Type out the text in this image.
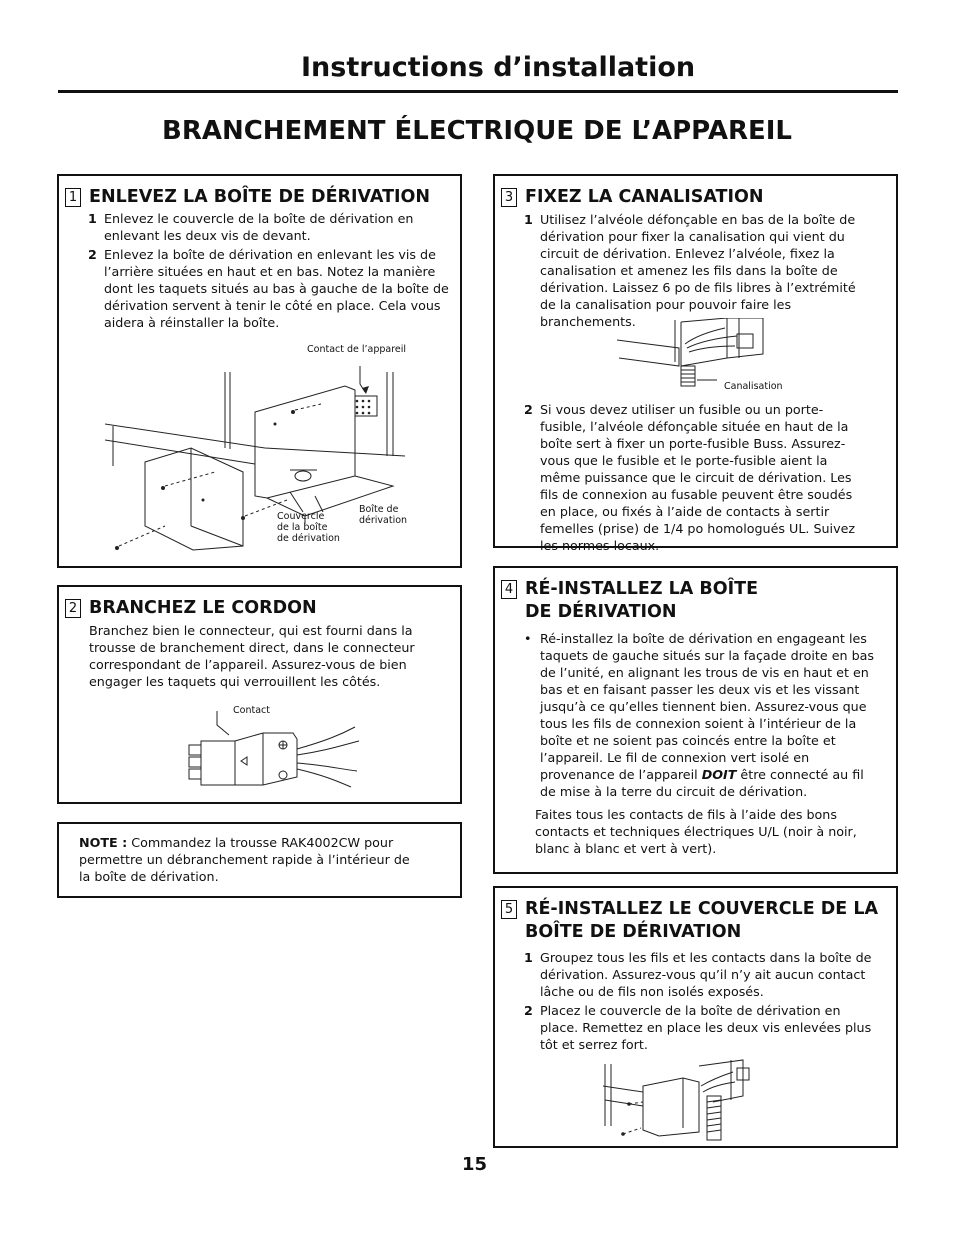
Instructions d’installation
BRANCHEMENT ÉLECTRIQUE DE L’APPAREIL
1 ENLEVEZ LA BOÎTE DE DÉRIVATION
1 Enlevez le couvercle de la boîte de dérivation en enlevant les deux vis de devant.
2 Enlevez la boîte de dérivation en enlevant les vis de l’arrière situées en haut et en bas. Notez la manière dont les taquets situés au bas à gauche de la boîte de dérivation servent à tenir le côté en place. Cela vous aidera à réinstaller la boîte.
Contact de l’appareil
Couvercle
de la boîte
de dérivation
Boîte de
dérivation
2 BRANCHEZ LE CORDON
Branchez bien le connecteur, qui est fourni dans la trousse de branchement direct, dans le connecteur correspondant de l’appareil. Assurez-vous de bien engager les taquets qui verrouillent les côtés.
Contact
NOTE : Commandez la trousse RAK4002CW pour permettre un débranchement rapide à l’intérieur de la boîte de dérivation.
3 FIXEZ LA CANALISATION
1 Utilisez l’alvéole défonçable en bas de la boîte de dérivation pour fixer la canalisation qui vient du circuit de dérivation. Enlevez l’alvéole, fixez la canalisation et amenez les fils dans la boîte de dérivation. Laissez 6 po de fils libres à l’extrémité de la canalisation pour pouvoir faire les branchements.
Canalisation
2 Si vous devez utiliser un fusible ou un porte-fusible, l’alvéole défonçable située en haut de la boîte sert à fixer un porte-fusible Buss. Assurez-vous que le fusible et le porte-fusible aient la même puissance que le circuit de dérivation. Les fils de connexion au fusable peuvent être soudés en place, ou fixés à l’aide de contacts à sertir femelles (prise) de 1/4 po homologués UL. Suivez les normes locaux.
4 RÉ-INSTALLEZ LA BOÎTE
DE DÉRIVATION
• Ré-installez la boîte de dérivation en engageant les taquets de gauche situés sur la façade droite en bas de l’unité, en alignant les trous de vis en haut et en bas et en faisant passer les deux vis et les vissant jusqu’à ce qu’elles tiennent bien. Assurez-vous que tous les fils de connexion soient à l’intérieur de la boîte et ne soient pas coincés entre la boîte et l’appareil. Le fil de connexion vert isolé en provenance de l’appareil DOIT être connecté au fil de mise à la terre du circuit de dérivation.
Faites tous les contacts de fils à l’aide des bons contacts et techniques électriques U/L (noir à noir, blanc à blanc et vert à vert).
5 RÉ-INSTALLEZ LE COUVERCLE DE LA
BOÎTE DE DÉRIVATION
1 Groupez tous les fils et les contacts dans la boîte de dérivation. Assurez-vous qu’il n’y ait aucun contact lâche ou de fils non isolés exposés.
2 Placez le couvercle de la boîte de dérivation en place. Remettez en place les deux vis enlevées plus tôt et serrez fort.
15
